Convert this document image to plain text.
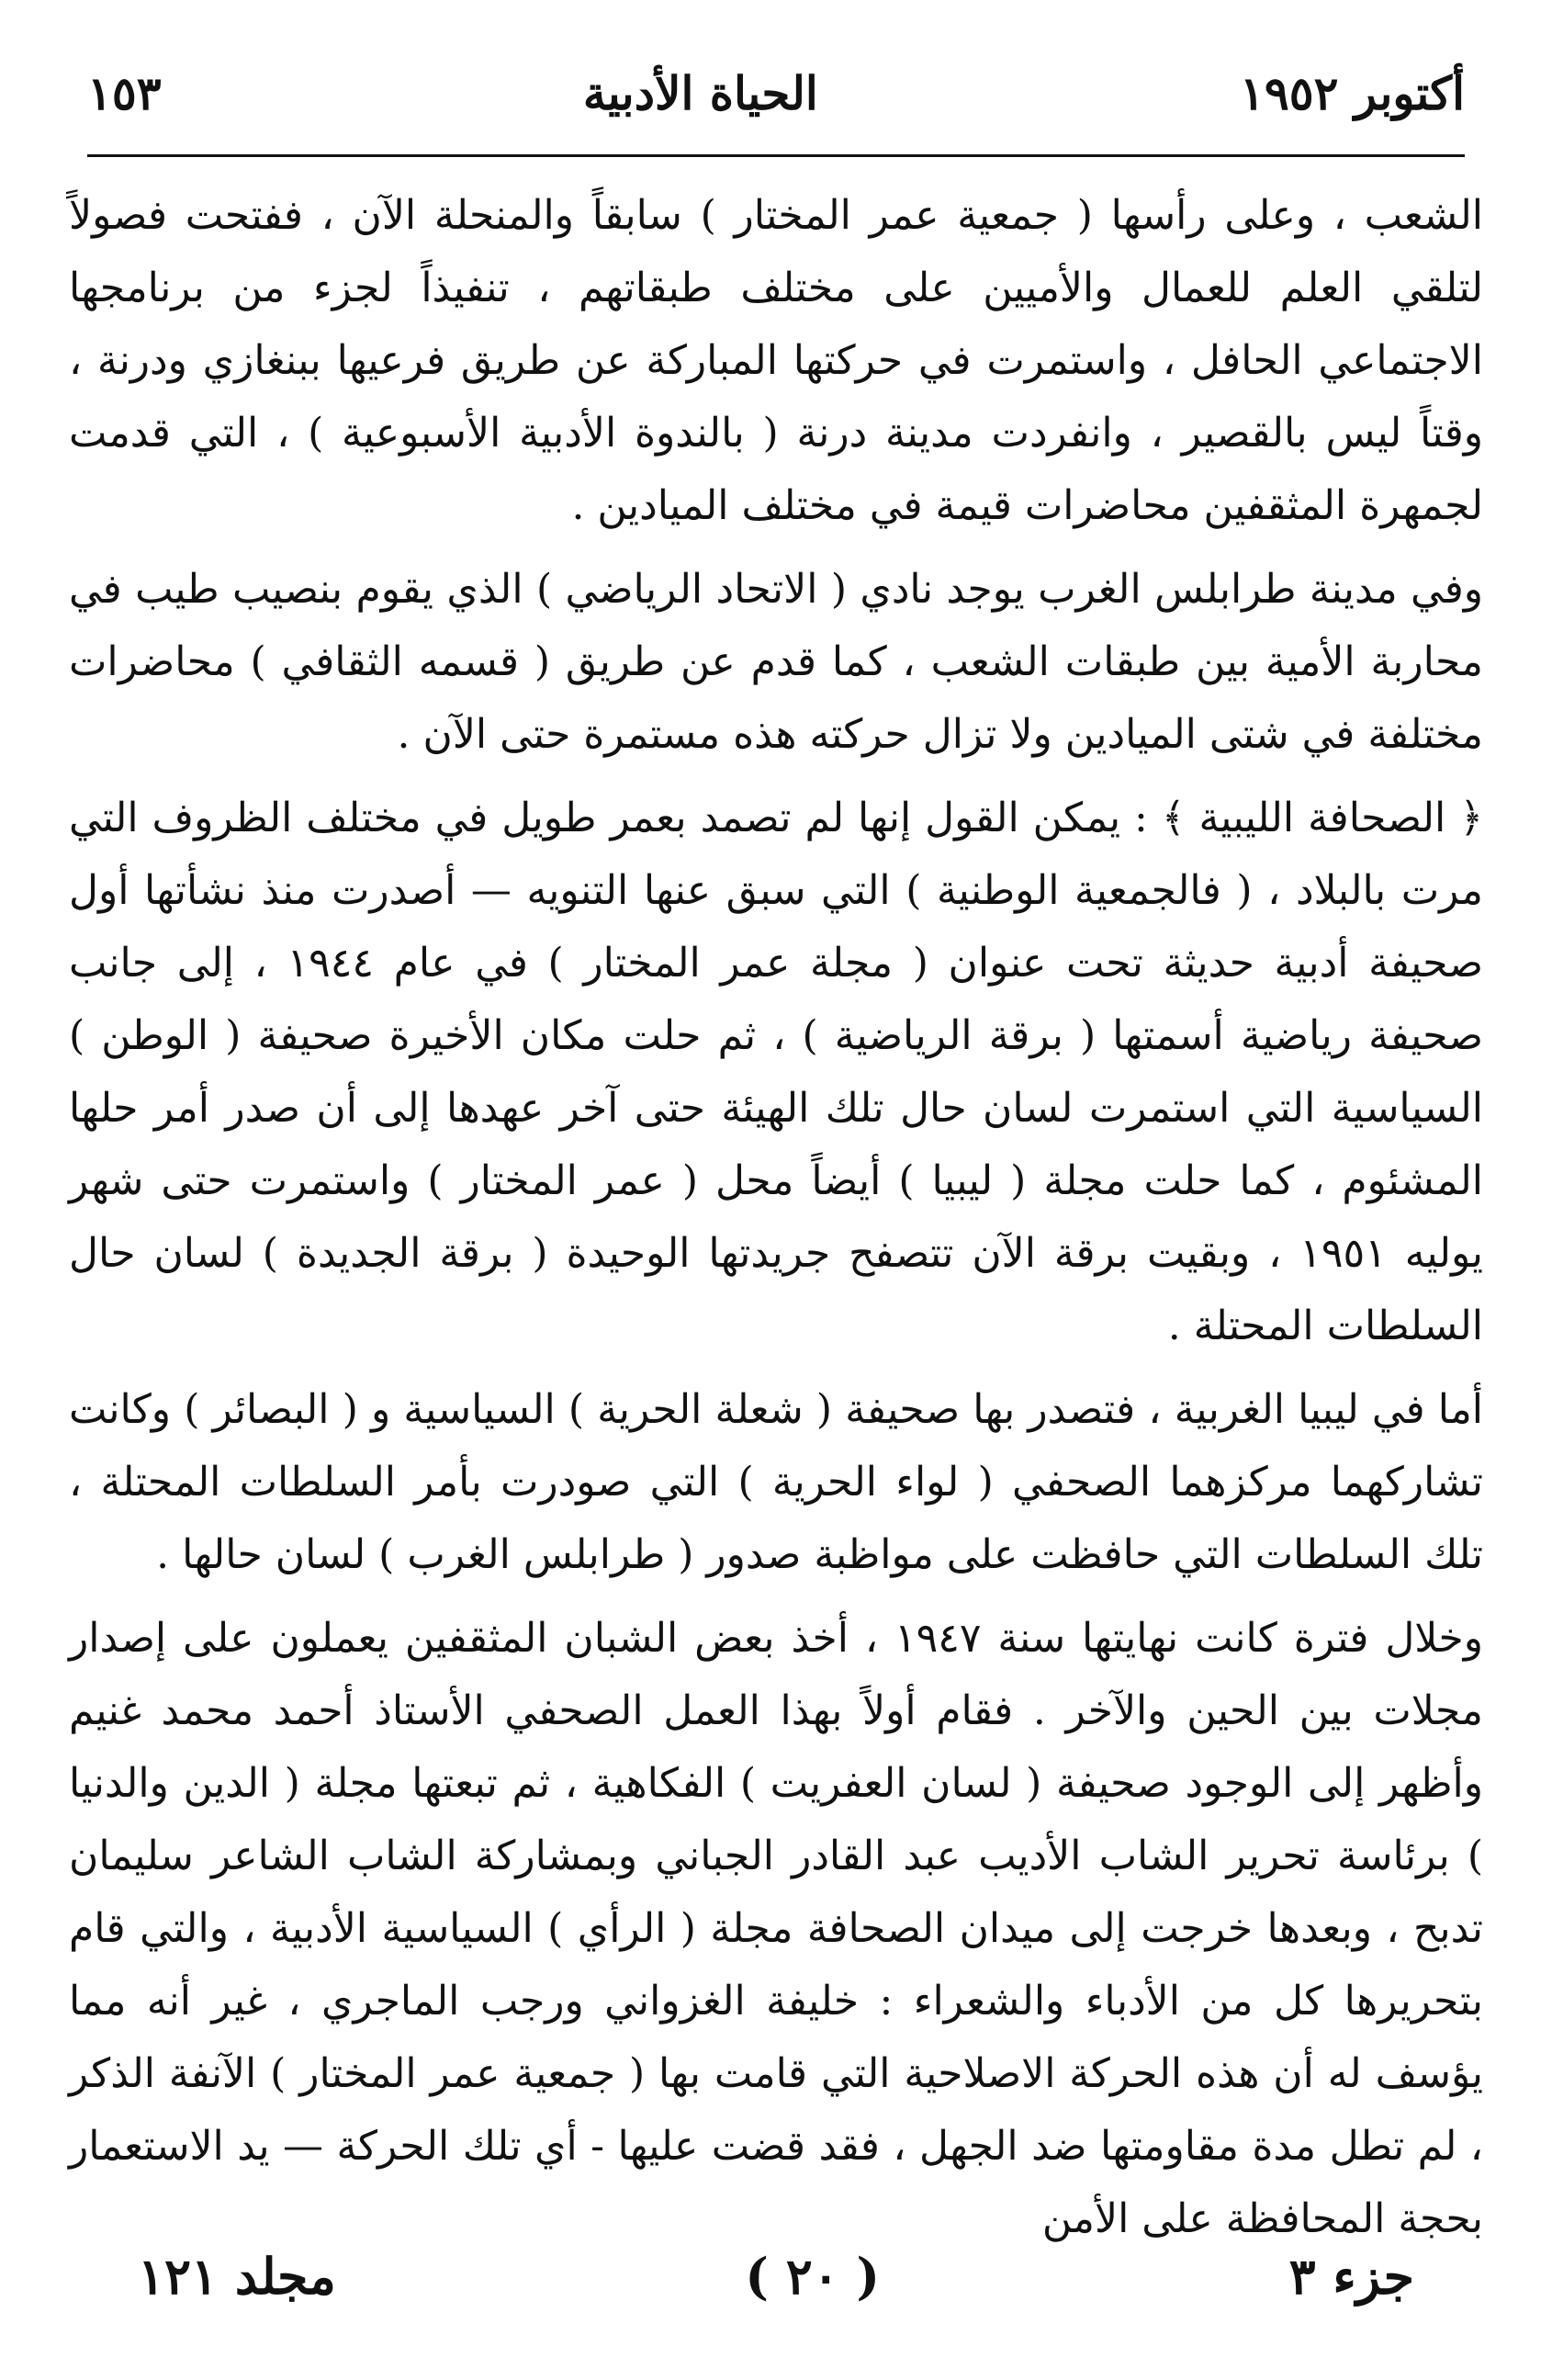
أكتوبر ١٩٥٢
الحياة الأدبية
١٥٣

الشعب ، وعلى رأسها ( جمعية عمر المختار ) سابقاً والمنحلة الآن ، ففتحت فصولاً لتلقي العلم للعمال والأميين على مختلف طبقاتهم ، تنفيذاً لجزء من برنامجها الاجتماعي الحافل ، واستمرت في حركتها المباركة عن طريق فرعيها ببنغازي ودرنة ، وقتاً ليس بالقصير ، وانفردت مدينة درنة ( بالندوة الأدبية الأسبوعية ) ، التي قدمت لجمهرة المثقفين محاضرات قيمة في مختلف الميادين .

وفي مدينة طرابلس الغرب يوجد نادي ( الاتحاد الرياضي ) الذي يقوم بنصيب طيب في محاربة الأمية بين طبقات الشعب ، كما قدم عن طريق ( قسمه الثقافي ) محاضرات مختلفة في شتى الميادين ولا تزال حركته هذه مستمرة حتى الآن .

﴿ الصحافة الليبية ﴾ : يمكن القول إنها لم تصمد بعمر طويل في مختلف الظروف التي مرت بالبلاد ، ( فالجمعية الوطنية ) التي سبق عنها التنويه — أصدرت منذ نشأتها أول صحيفة أدبية حديثة تحت عنوان ( مجلة عمر المختار ) في عام ١٩٤٤ ، إلى جانب صحيفة رياضية أسمتها ( برقة الرياضية ) ، ثم حلت مكان الأخيرة صحيفة ( الوطن ) السياسية التي استمرت لسان حال تلك الهيئة حتى آخر عهدها إلى أن صدر أمر حلها المشئوم ، كما حلت مجلة ( ليبيا ) أيضاً محل ( عمر المختار ) واستمرت حتى شهر يوليه ١٩٥١ ، وبقيت برقة الآن تتصفح جريدتها الوحيدة ( برقة الجديدة ) لسان حال السلطات المحتلة .

أما في ليبيا الغربية ، فتصدر بها صحيفة ( شعلة الحرية ) السياسية و ( البصائر ) وكانت تشاركهما مركزهما الصحفي ( لواء الحرية ) التي صودرت بأمر السلطات المحتلة ، تلك السلطات التي حافظت على مواظبة صدور ( طرابلس الغرب ) لسان حالها .

وخلال فترة كانت نهايتها سنة ١٩٤٧ ، أخذ بعض الشبان المثقفين يعملون على إصدار مجلات بين الحين والآخر . فقام أولاً بهذا العمل الصحفي الأستاذ أحمد محمد غنيم وأظهر إلى الوجود صحيفة ( لسان العفريت ) الفكاهية ، ثم تبعتها مجلة ( الدين والدنيا ) برئاسة تحرير الشاب الأديب عبد القادر الجباني وبمشاركة الشاب الشاعر سليمان تدبح ، وبعدها خرجت إلى ميدان الصحافة مجلة ( الرأي ) السياسية الأدبية ، والتي قام بتحريرها كل من الأدباء والشعراء : خليفة الغزواني ورجب الماجري ، غير أنه مما يؤسف له أن هذه الحركة الاصلاحية التي قامت بها ( جمعية عمر المختار ) الآنفة الذكر ، لم تطل مدة مقاومتها ضد الجهل ، فقد قضت عليها - أي تلك الحركة — يد الاستعمار بحجة المحافظة على الأمن

جزء ٣
( ٢٠ )
مجلد ١٢١
